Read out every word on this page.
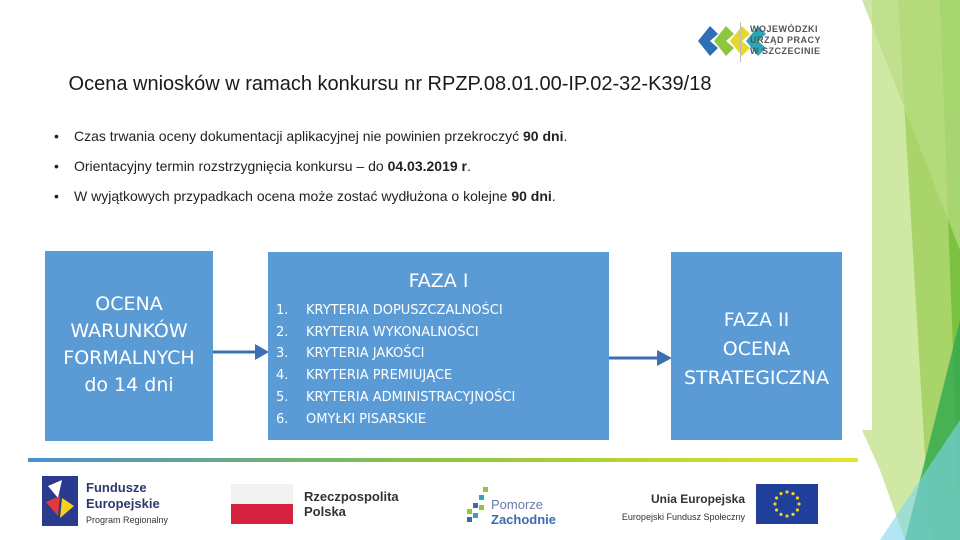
WOJEWÓDZKI
URZĄD PRACY
W SZCZECINIE
Ocena wniosków w ramach konkursu nr RPZP.08.01.00-IP.02-32-K39/18
• Czas trwania oceny dokumentacji aplikacyjnej nie powinien przekroczyć 90 dni.
• Orientacyjny termin rozstrzygnięcia konkursu – do 04.03.2019 r.
• W wyjątkowych przypadkach ocena może zostać wydłużona o kolejne 90 dni.
OCENA
WARUNKÓW
FORMALNYCH
do 14 dni
FAZA I
1.	KRYTERIA DOPUSZCZALNOŚCI
2.	KRYTERIA WYKONALNOŚCI
3.	KRYTERIA JAKOŚCI
4.	KRYTERIA PREMIUJĄCE
5.	KRYTERIA ADMINISTRACYJNOŚCI
6.	OMYŁKI PISARSKIE
FAZA II
OCENA
STRATEGICZNA
Fundusze
Europejskie
Program Regionalny
Rzeczpospolita
Polska	Pomorze
Zachodnie
Unia Europejska
Europejski Fundusz Społeczny
